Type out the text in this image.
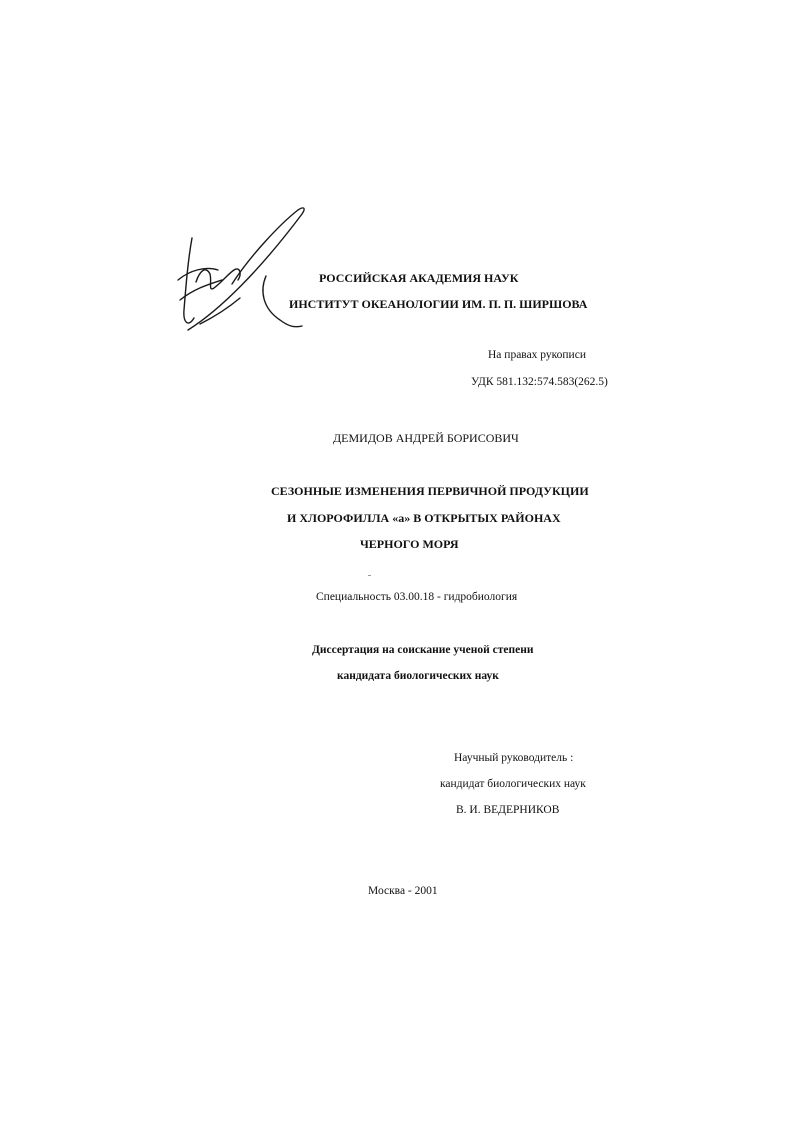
РОССИЙСКАЯ АКАДЕМИЯ НАУК
ИНСТИТУТ ОКЕАНОЛОГИИ ИМ. П. П. ШИРШОВА
На правах рукописи
УДК 581.132:574.583(262.5)
ДЕМИДОВ АНДРЕЙ БОРИСОВИЧ
СЕЗОННЫЕ ИЗМЕНЕНИЯ ПЕРВИЧНОЙ ПРОДУКЦИИ
И ХЛОРОФИЛЛА «а» В ОТКРЫТЫХ РАЙОНАХ
ЧЕРНОГО МОРЯ
Специальность 03.00.18 - гидробиология
Диссертация на соискание ученой степени
кандидата биологических наук
Научный руководитель :
кандидат биологических наук
В. И. ВЕДЕРНИКОВ
Москва - 2001
